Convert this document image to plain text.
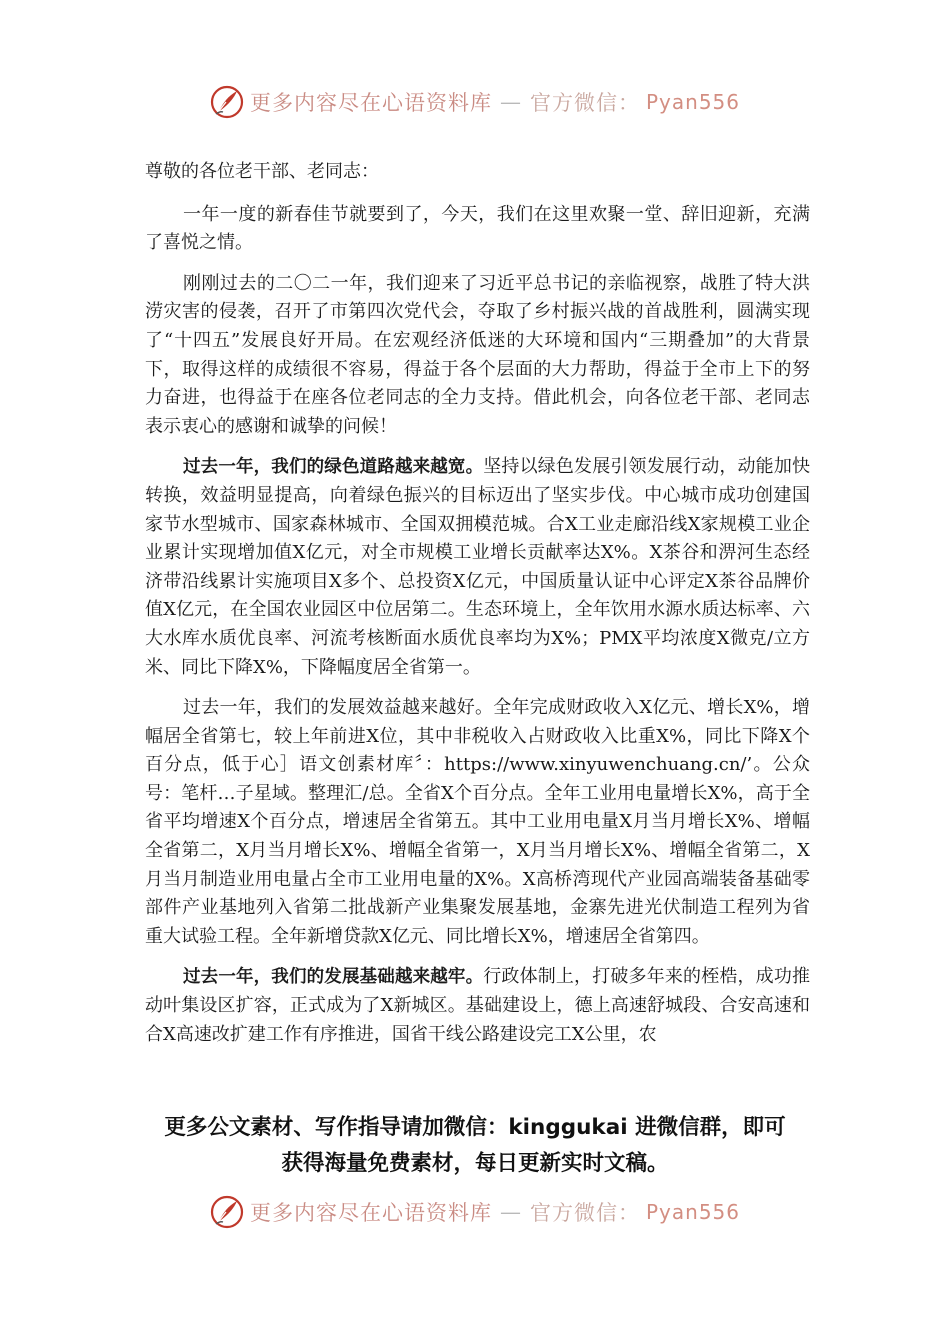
更多内容尽在心语资料库 — 官方微信： Pyan556

尊敬的各位老干部、老同志：

一年一度的新春佳节就要到了，今天，我们在这里欢聚一堂、辞旧迎新，充满了喜悦之情。

刚刚过去的二〇二一年，我们迎来了习近平总书记的亲临视察，战胜了特大洪涝灾害的侵袭，召开了市第四次党代会，夺取了乡村振兴战的首战胜利，圆满实现了“十四五”发展良好开局。在宏观经济低迷的大环境和国内“三期叠加”的大背景下，取得这样的成绩很不容易，得益于各个层面的大力帮助，得益于全市上下的努力奋进，也得益于在座各位老同志的全力支持。借此机会，向各位老干部、老同志表示衷心的感谢和诚挚的问候！

过去一年，我们的绿色道路越来越宽。坚持以绿色发展引领发展行动，动能加快转换，效益明显提高，向着绿色振兴的目标迈出了坚实步伐。中心城市成功创建国家节水型城市、国家森林城市、全国双拥模范城。合X工业走廊沿线X家规模工业企业累计实现增加值X亿元，对全市规模工业增长贡献率达X%。X茶谷和淠河生态经济带沿线累计实施项目X多个、总投资X亿元，中国质量认证中心评定X茶谷品牌价值X亿元，在全国农业园区中位居第二。生态环境上，全年饮用水源水质达标率、六大水库水质优良率、河流考核断面水质优良率均为X%；PMX平均浓度X微克/立方米、同比下降X%，下降幅度居全省第一。

过去一年，我们的发展效益越来越好。全年完成财政收入X亿元、增长X%，增幅居全省第七，较上年前进X位，其中非税收入占财政收入比重X%，同比下降X个百分点，低于心］语文创素材库〞：https://www.xinyuwenchuang.cn/’。公众号：笔杆…子星域。整理汇/总。全省X个百分点。全年工业用电量增长X%，高于全省平均增速X个百分点，增速居全省第五。其中工业用电量X月当月增长X%、增幅全省第二，X月当月增长X%、增幅全省第一，X月当月增长X%、增幅全省第二，X月当月制造业用电量占全市工业用电量的X%。X高桥湾现代产业园高端装备基础零部件产业基地列入省第二批战新产业集聚发展基地，金寨先进光伏制造工程列为省重大试验工程。全年新增贷款X亿元、同比增长X%，增速居全省第四。

过去一年，我们的发展基础越来越牢。行政体制上，打破多年来的桎梏，成功推动叶集设区扩容，正式成为了X新城区。基础建设上，德上高速舒城段、合安高速和合X高速改扩建工作有序推进，国省干线公路建设完工X公里，农

更多公文素材、写作指导请加微信：kinggukai 进微信群，即可
获得海量免费素材，每日更新实时文稿。
更多内容尽在心语资料库 — 官方微信： Pyan556
